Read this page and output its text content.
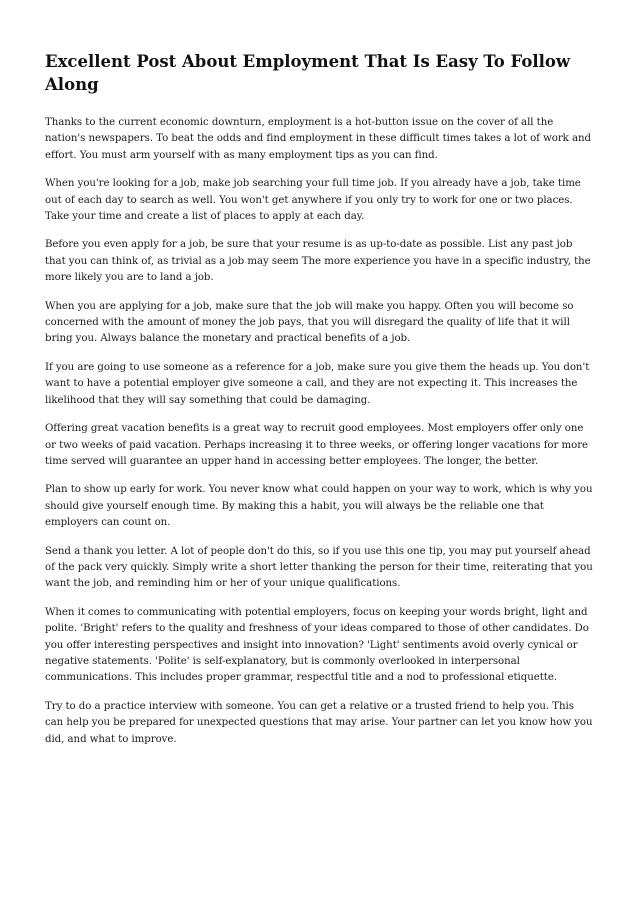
Excellent Post About Employment That Is Easy To Follow Along

Thanks to the current economic downturn, employment is a hot-button issue on the cover of all the nation's newspapers. To beat the odds and find employment in these difficult times takes a lot of work and effort. You must arm yourself with as many employment tips as you can find.

When you're looking for a job, make job searching your full time job. If you already have a job, take time out of each day to search as well. You won't get anywhere if you only try to work for one or two places. Take your time and create a list of places to apply at each day.

Before you even apply for a job, be sure that your resume is as up-to-date as possible. List any past job that you can think of, as trivial as a job may seem The more experience you have in a specific industry, the more likely you are to land a job.

When you are applying for a job, make sure that the job will make you happy. Often you will become so concerned with the amount of money the job pays, that you will disregard the quality of life that it will bring you. Always balance the monetary and practical benefits of a job.

If you are going to use someone as a reference for a job, make sure you give them the heads up. You don't want to have a potential employer give someone a call, and they are not expecting it. This increases the likelihood that they will say something that could be damaging.

Offering great vacation benefits is a great way to recruit good employees. Most employers offer only one or two weeks of paid vacation. Perhaps increasing it to three weeks, or offering longer vacations for more time served will guarantee an upper hand in accessing better employees. The longer, the better.

Plan to show up early for work. You never know what could happen on your way to work, which is why you should give yourself enough time. By making this a habit, you will always be the reliable one that employers can count on.

Send a thank you letter. A lot of people don't do this, so if you use this one tip, you may put yourself ahead of the pack very quickly. Simply write a short letter thanking the person for their time, reiterating that you want the job, and reminding him or her of your unique qualifications.

When it comes to communicating with potential employers, focus on keeping your words bright, light and polite. 'Bright' refers to the quality and freshness of your ideas compared to those of other candidates. Do you offer interesting perspectives and insight into innovation? 'Light' sentiments avoid overly cynical or negative statements. 'Polite' is self-explanatory, but is commonly overlooked in interpersonal communications. This includes proper grammar, respectful title and a nod to professional etiquette.

Try to do a practice interview with someone. You can get a relative or a trusted friend to help you. This can help you be prepared for unexpected questions that may arise. Your partner can let you know how you did, and what to improve.
